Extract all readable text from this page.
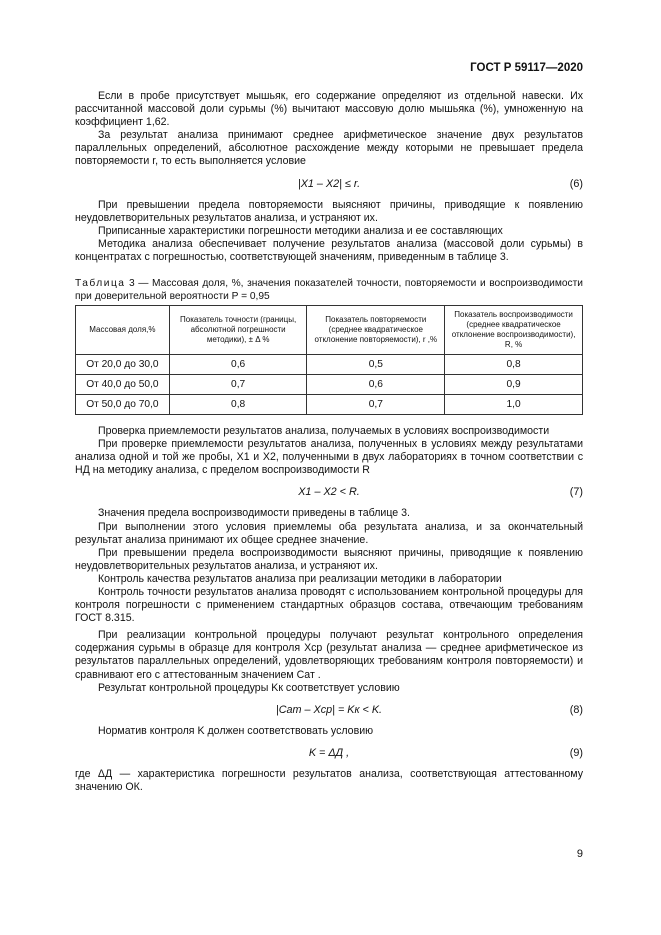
ГОСТ Р 59117—2020

Если в пробе присутствует мышьяк, его содержание определяют из отдельной навески. Их рассчитанной массовой доли сурьмы (%) вычитают массовую долю мышьяка (%), умноженную на коэффициент 1,62.

За результат анализа принимают среднее арифметическое значение двух результатов параллельных определений, абсолютное расхождение между которыми не превышает предела повторяемости r, то есть выполняется условие

|X1 – X2| ≤ r.	(6)

При превышении предела повторяемости выясняют причины, приводящие к появлению неудовлетворительных результатов анализа, и устраняют их.

Приписанные характеристики погрешности методики анализа и ее составляющих

Методика анализа обеспечивает получение результатов анализа (массовой доли сурьмы) в концентратах с погрешностью, соответствующей значениям, приведенным в таблице 3.

Таблица 3 — Массовая доля, %, значения показателей точности, повторяемости и воспроизводимости при доверительной вероятности P = 0,95

Массовая доля,%	Показатель точности (границы, абсолютной погрешности методики), ± Δ %	Показатель повторяемости (среднее квадратическое отклонение повторяемости), r ,%	Показатель воспроизводимости (среднее квадратическое отклонение воспроизводимости), R, %
От 20,0 до 30,0	0,6	0,5	0,8
От 40,0 до 50,0	0,7	0,6	0,9
От 50,0 до 70,0	0,8	0,7	1,0

Проверка приемлемости результатов анализа, получаемых в условиях воспроизводимости

При проверке приемлемости результатов анализа, полученных в условиях между результатами анализа одной и той же пробы, X1 и X2, полученными в двух лабораториях в точном соответствии с НД на методику анализа, с пределом воспроизводимости R

X1 – X2 < R.	(7)

Значения предела воспроизводимости приведены в таблице 3.

При выполнении этого условия приемлемы оба результата анализа, и за окончательный результат анализа принимают их общее среднее значение.

При превышении предела воспроизводимости выясняют причины, приводящие к появлению неудовлетворительных результатов анализа, и устраняют их.

Контроль качества результатов анализа при реализации методики в лаборатории

Контроль точности результатов анализа проводят с использованием контрольной процедуры для контроля погрешности с применением стандартных образцов состава, отвечающим требованиям ГОСТ 8.315.

При реализации контрольной процедуры получают результат контрольного определения содержания сурьмы в образце для контроля Xср (результат анализа — среднее арифметическое из результатов параллельных определений, удовлетворяющих требованиям контроля повторяемости) и сравнивают его с аттестованным значением Cат .

Результат контрольной процедуры Kк соответствует условию

|Cат – Xср| = Kк < K.	(8)

Норматив контроля K должен соответствовать условию

K = ΔД ,	(9)

где ΔД — характеристика погрешности результатов анализа, соответствующая аттестованному значению ОК.

9
